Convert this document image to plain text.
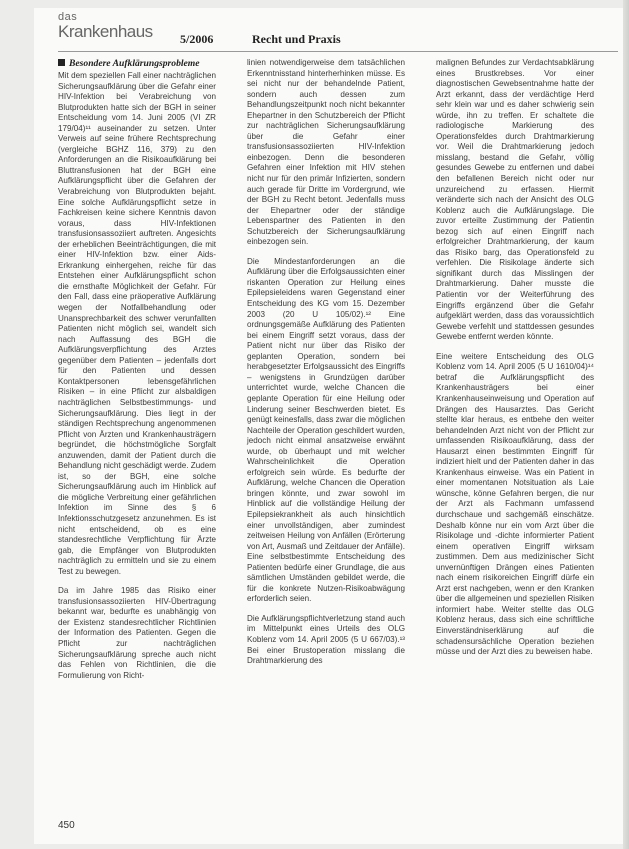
das
Krankenhaus 5/2006	Recht und Praxis
Besondere Aufklärungsprobleme

Mit dem speziellen Fall einer nachträglichen Sicherungsaufklärung über die Gefahr einer HIV-Infektion bei Verabreichung von Blutprodukten hatte sich der BGH in seiner Entscheidung vom 14. Juni 2005 (VI ZR 179/04)¹¹ auseinander zu setzen. Unter Verweis auf seine frühere Rechtsprechung (vergleiche BGHZ 116, 379) zu den Anforderungen an die Risikoaufklärung bei Bluttransfusionen hat der BGH eine Aufklärungspflicht über die Gefahren der Verabreichung von Blutprodukten bejaht. Eine solche Aufklärungspflicht setze in Fachkreisen keine sichere Kenntnis davon voraus, dass HIV-Infektionen transfusionsassoziiert auftreten. Angesichts der erheblichen Beeinträchtigungen, die mit einer HIV-Infektion bzw. einer Aids-Erkrankung einhergehen, reiche für das Entstehen einer Aufklärungspflicht schon die ernsthafte Möglichkeit der Gefahr. Für den Fall, dass eine präoperative Aufklärung wegen der Notfallbehandlung oder Unansprechbarkeit des schwer verunfallten Patienten nicht möglich sei, wandelt sich nach Auffassung des BGH die Aufklärungsverpflichtung des Arztes gegenüber dem Patienten – jedenfalls dort für den Patienten und dessen Kontaktpersonen lebensgefährlichen Risiken – in eine Pflicht zur alsbaldigen nachträglichen Selbstbestimmungs- und Sicherungsaufklärung. Dies liegt in der ständigen Rechtsprechung angenommenen Pflicht von Ärzten und Krankenhausträgern begründet, die höchstmögliche Sorgfalt anzuwenden, damit der Patient durch die Behandlung nicht geschädigt werde. Zudem ist, so der BGH, eine solche Sicherungsaufklärung auch im Hinblick auf die mögliche Verbreitung einer gefährlichen Infektion im Sinne des § 6 Infektionsschutzgesetz anzunehmen. Es ist nicht entscheidend, ob es eine standesrechtliche Verpflichtung für Ärzte gab, die Empfänger von Blutprodukten nachträglich zu ermitteln und sie zu einem Test zu bewegen.

Da im Jahre 1985 das Risiko einer transfusionsassoziierten HIV-Übertragung bekannt war, bedurfte es unabhängig von der Existenz standesrechtlicher Richtlinien der Information des Patienten. Gegen die Pflicht zur nachträglichen Sicherungsaufklärung spreche auch nicht das Fehlen von Richtlinien, die die Formulierung von Richt-

linien notwendigerweise dem tatsächlichen Erkenntnisstand hinterherhinken müsse. Es sei nicht nur der behandelnde Patient, sondern auch dessen zum Behandlungszeitpunkt noch nicht bekannter Ehepartner in den Schutzbereich der Pflicht zur nachträglichen Sicherungsaufklärung über die Gefahr einer transfusionsassoziierten HIV-Infektion einbezogen. Denn die besonderen Gefahren einer Infektion mit HIV stehen nicht nur für den primär Infizierten, sondern auch gerade für Dritte im Vordergrund, wie der BGH zu Recht betont. Jedenfalls muss der Ehepartner oder der ständige Lebenspartner des Patienten in den Schutzbereich der Sicherungsaufklärung einbezogen sein.

Die Mindestanforderungen an die Aufklärung über die Erfolgsaussichten einer riskanten Operation zur Heilung eines Epilepsieleidens waren Gegenstand einer Entscheidung des KG vom 15. Dezember 2003 (20 U 105/02).¹² Eine ordnungsgemäße Aufklärung des Patienten bei einem Eingriff setzt voraus, dass der Patient nicht nur über das Risiko der geplanten Operation, sondern bei herabgesetzter Erfolgsaussicht des Eingriffs – wenigstens in Grundzügen darüber unterrichtet wurde, welche Chancen die geplante Operation für eine Heilung oder Linderung seiner Beschwerden bietet. Es genügt keinesfalls, dass zwar die möglichen Nachteile der Operation geschildert wurden, jedoch nicht einmal ansatzweise erwähnt wurde, ob überhaupt und mit welcher Wahrscheinlichkeit die Operation erfolgreich sein würde. Es bedurfte der Aufklärung, welche Chancen die Operation bringen könnte, und zwar sowohl im Hinblick auf die vollständige Heilung der Epilepsiekrankheit als auch hinsichtlich einer unvollständigen, aber zumindest zeitweisen Heilung von Anfällen (Erörterung von Art, Ausmaß und Zeitdauer der Anfälle). Eine selbstbestimmte Entscheidung des Patienten bedürfe einer Grundlage, die aus sämtlichen Umständen gebildet werde, die für die konkrete Nutzen-Risikoabwägung erforderlich seien.

Die Aufklärungspflichtverletzung stand auch im Mittelpunkt eines Urteils des OLG Koblenz vom 14. April 2005 (5 U 667/03).¹³ Bei einer Brustoperation misslang die Drahtmarkierung des

malignen Befundes zur Verdachtsabklärung eines Brustkrebses. Vor einer diagnostischen Gewebsentnahme hatte der Arzt erkannt, dass der verdächtige Herd sehr klein war und es daher schwierig sein würde, ihn zu treffen. Er schaltete die radiologische Markierung des Operationsfeldes durch Drahtmarkierung vor. Weil die Drahtmarkierung jedoch misslang, bestand die Gefahr, völlig gesundes Gewebe zu entfernen und dabei den befallenen Bereich nicht oder nur unzureichend zu erfassen. Hiermit veränderte sich nach der Ansicht des OLG Koblenz auch die Aufklärungslage. Die zuvor erteilte Zustimmung der Patientin bezog sich auf einen Eingriff nach erfolgreicher Drahtmarkierung, der kaum das Risiko barg, das Operationsfeld zu verfehlen. Die Risikolage änderte sich signifikant durch das Misslingen der Drahtmarkierung. Daher musste die Patientin vor der Weiterführung des Eingriffs ergänzend über die Gefahr aufgeklärt werden, dass das voraussichtlich Gewebe verfehlt und stattdessen gesundes Gewebe entfernt werden könnte.

Eine weitere Entscheidung des OLG Koblenz vom 14. April 2005 (5 U 1610/04)¹⁴ betraf die Aufklärungspflicht des Krankenhausträgers bei einer Krankenhauseinweisung und Operation auf Drängen des Hausarztes. Das Gericht stellte klar heraus, es entbehe den weiter behandelnden Arzt nicht von der Pflicht zur umfassenden Risikoaufklärung, dass der Hausarzt einen bestimmten Eingriff für indiziert hielt und der Patienten daher in das Krankenhaus einweise. Was ein Patient in einer momentanen Notsituation als Laie wünsche, könne Gefahren bergen, die nur der Arzt als Fachmann umfassend durchschaue und sachgemäß einschätze. Deshalb könne nur ein vom Arzt über die Risikolage und -dichte informierter Patient einem operativen Eingriff wirksam zustimmen. Dem aus medizinischer Sicht unvernünftigen Drängen eines Patienten nach einem risikoreichen Eingriff dürfe ein Arzt erst nachgeben, wenn er den Kranken über die allgemeinen und speziellen Risiken informiert habe. Weiter stellte das OLG Koblenz heraus, dass sich eine schriftliche Einverständniserklärung auf die schadensursächliche Operation beziehen müsse und der Arzt dies zu beweisen habe.

450
